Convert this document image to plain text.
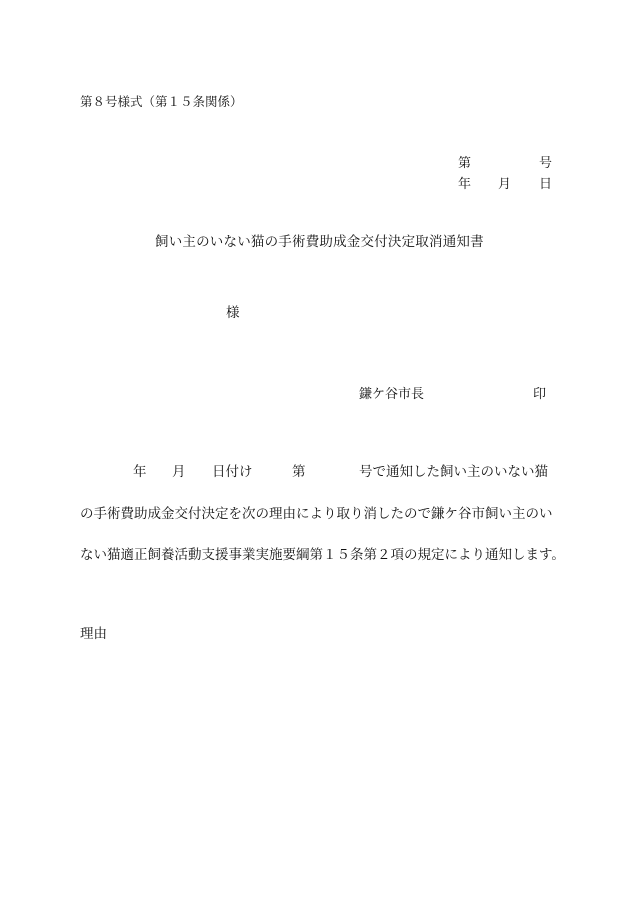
第８号様式（第１５条関係）
第	号
年 月 日
飼い主のいない猫の手術費助成金交付決定取消通知書
様
鎌ケ谷市長	印
年 月 日付け	第	号で通知した飼い主のいない猫
の手術費助成金交付決定を次の理由により取り消したので鎌ケ谷市飼い主のい
ない猫適正飼養活動支援事業実施要綱第１５条第２項の規定により通知します。
理由
